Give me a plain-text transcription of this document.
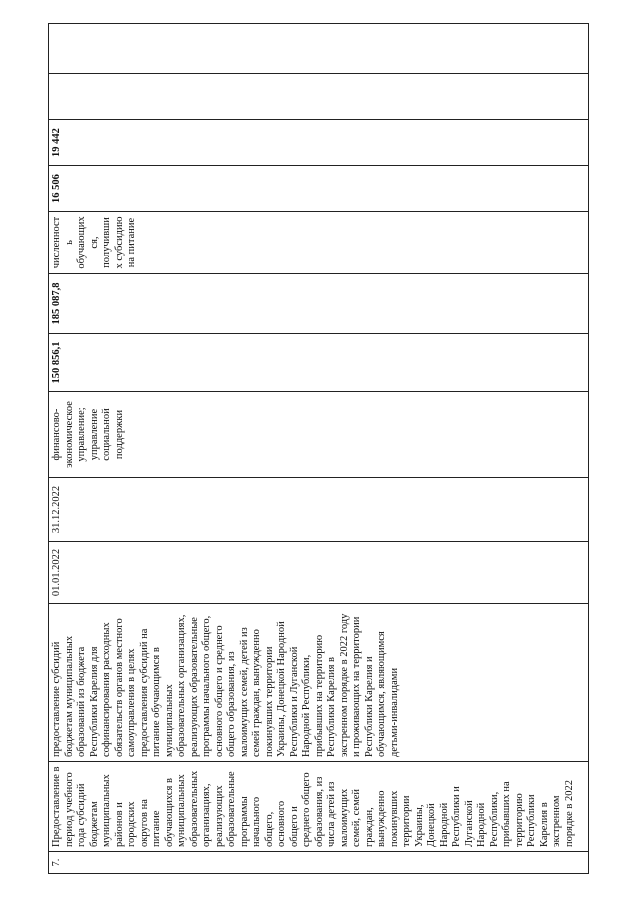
7.	Предоставление в период учебного года субсидий бюджетам муниципальных районов и городских округов на питание обучающихся в муниципальных образовательных организациях, реализующих образовательные программы начального общего, основного общего и среднего общего образования, из числа детей из малоимущих семей, семей граждан, вынужденно покинувших территории Украины, Донецкой Народной Республики и Луганской Народной Республики, прибывших на территорию Республики Карелия в экстренном порядке в 2022	предоставление субсидий бюджетам муниципальных образований из бюджета Республики Карелия для софинансирования расходных обязательств органов местного самоуправления в целях предоставления субсидий на питание обучающимся в муниципальных образовательных организациях, реализующих образовательные программы начального общего, основного общего и среднего общего образования, из малоимущих семей, детей из семей граждан, вынужденно покинувших территории Украины, Донецкой Народной Республики и Луганской Народной Республики, прибывших на территорию Республики Карелия в экстренном порядке в 2022 году и проживающих на территории Республики Карелия и обучающимся, являющимся детьми-инвалидами	01.01.2022	31.12.2022	финансово-экономическое управление; управление социальной поддержки	150 856,1	185 087,8	численность обучающихся, получивших субсидию на питание	16 506	19 442		
